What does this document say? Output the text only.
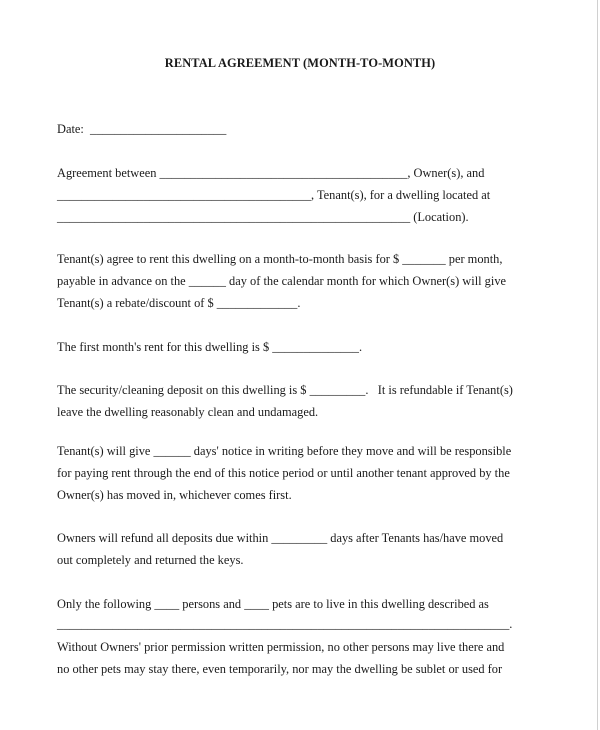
RENTAL AGREEMENT (MONTH-TO-MONTH)
Date:  ______________________
Agreement between ________________________________________, Owner(s), and
_________________________________________, Tenant(s), for a dwelling located at
_________________________________________________________ (Location).
Tenant(s) agree to rent this dwelling on a month-to-month basis for $ _______ per month,
payable in advance on the ______ day of the calendar month for which Owner(s) will give
Tenant(s) a rebate/discount of $ _____________.
The first month's rent for this dwelling is $ ______________.
The security/cleaning deposit on this dwelling is $ _________.   It is refundable if Tenant(s)
leave the dwelling reasonably clean and undamaged.
Tenant(s) will give ______ days' notice in writing before they move and will be responsible
for paying rent through the end of this notice period or until another tenant approved by the
Owner(s) has moved in, whichever comes first.
Owners will refund all deposits due within _________ days after Tenants has/have moved
out completely and returned the keys.
Only the following ____ persons and ____ pets are to live in this dwelling described as
_________________________________________________________________________.
Without Owners' prior permission written permission, no other persons may live there and
no other pets may stay there, even temporarily, nor may the dwelling be sublet or used for
